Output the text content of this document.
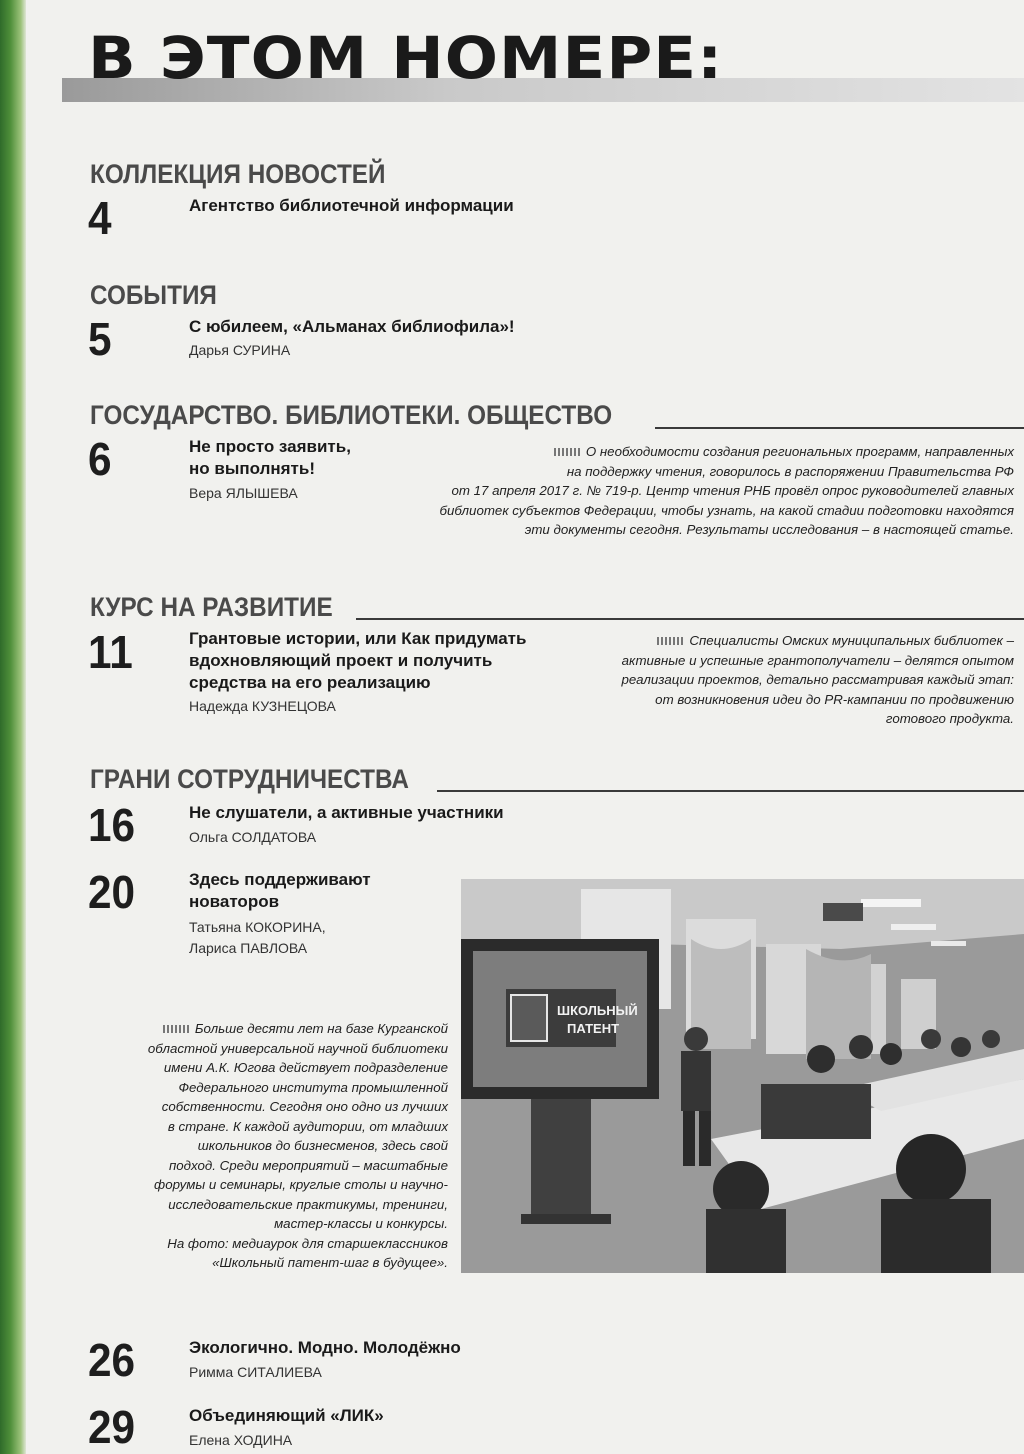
В ЭТОМ НОМЕРЕ:
КОЛЛЕКЦИЯ НОВОСТЕЙ
4	Агентство библиотечной информации
СОБЫТИЯ
5	С юбилеем, «Альманах библиофила»!
Дарья СУРИНА
ГОСУДАРСТВО. БИБЛИОТЕКИ. ОБЩЕСТВО
6	Не просто заявить,
но выполнять!
Вера ЯЛЫШЕВА
О необходимости создания региональных программ, направленных
на поддержку чтения, говорилось в распоряжении Правительства РФ
от 17 апреля 2017 г. № 719-р. Центр чтения РНБ провёл опрос руководителей главных
библиотек субъектов Федерации, чтобы узнать, на какой стадии подготовки находятся
эти документы сегодня. Результаты исследования – в настоящей статье.
КУРС НА РАЗВИТИЕ
11	Грантовые истории, или Как придумать
вдохновляющий проект и получить
средства на его реализацию
Надежда КУЗНЕЦОВА
Специалисты Омских муниципальных библиотек –
активные и успешные грантополучатели – делятся опытом
реализации проектов, детально рассматривая каждый этап:
от возникновения идеи до PR-кампании по продвижению
готового продукта.
ГРАНИ СОТРУДНИЧЕСТВА
16	Не слушатели, а активные участники
Ольга СОЛДАТОВА
20	Здесь поддерживают
новаторов
Татьяна КОКОРИНА,
Лариса ПАВЛОВА
Больше десяти лет на базе Курганской
областной универсальной научной библиотеки
имени А.К. Югова действует подразделение
Федерального института промышленной
собственности. Сегодня оно одно из лучших
в стране. К каждой аудитории, от младших
школьников до бизнесменов, здесь свой
подход. Среди мероприятий – масштабные
форумы и семинары, круглые столы и научно-
исследовательские практикумы, тренинги,
мастер-классы и конкурсы.
На фото: медиаурок для старшеклассников
«Школьный патент-шаг в будущее».
ШКОЛЬНЫЙ
ПАТЕНТ
26	Экологично. Модно. Молодёжно
Римма СИТАЛИЕВА
29	Объединяющий «ЛИК»
Елена ХОДИНА
